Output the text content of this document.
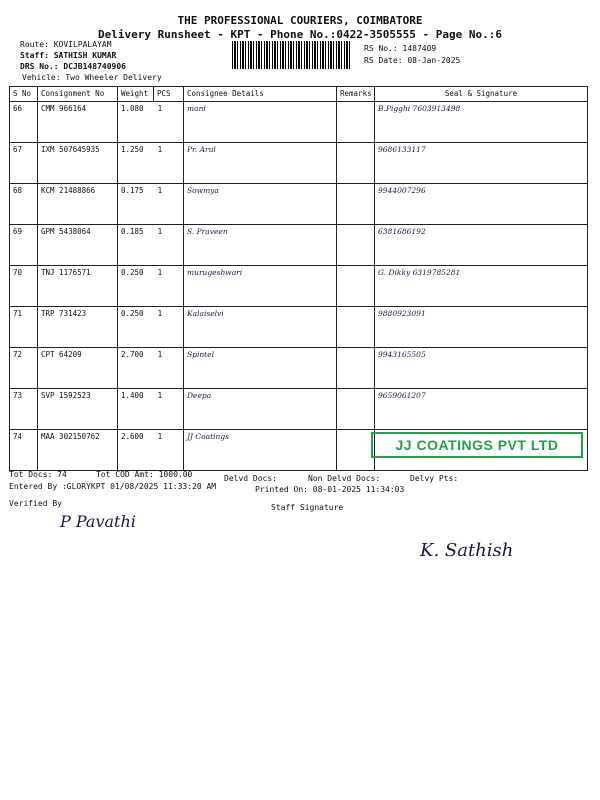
THE PROFESSIONAL COURIERS, COIMBATORE
Delivery Runsheet - KPT - Phone No.:0422-3505555 - Page No.:6
Route: KOVILPALAYAM
Staff: SATHISH KUMAR
DRS No.: DCJB148740906
Vehicle: Two Wheeler Delivery
RS No.: 1487409
RS Date: 08-Jan-2025
S No	Consignment No	Weight	PCS	Consignee Details	Remarks	Seal & Signature
66	CMM 966164	1.080 1		mani		B.Pigghi 7603913498
67	IXM 507645935	1.250 1		Pr. Arul		9686133117
68	KCM 21488866	0.175 1		Sowmya		9944007296
69	GPM 5438064	0.185 1		S. Praveen		6381686192
70	TNJ 1176571	0.250 1		murugeshwari		G. Dikky 6319785281
71	TRP 731423	0.250 1		Kalaiselvi		9880923091
72	CPT 64209	2.700 1		Spintel		9943165505
73	SVP 1592523	1.400 1		Deepa		9659061207
74	MAA 302150762	2.600 1		JJ Coatings		
JJ COATINGS PVT LTD
Tot Docs: 74	Tot COD Amt: 1000.00	Delvd Docs:	Non Delvd Docs:	Delvy Pts:
Entered By :GLORYKPT 01/08/2025 11:33:20 AM	Printed On: 08-01-2025 11:34:03
Verified By	Staff Signature
P Pavathi
K. Sathish
